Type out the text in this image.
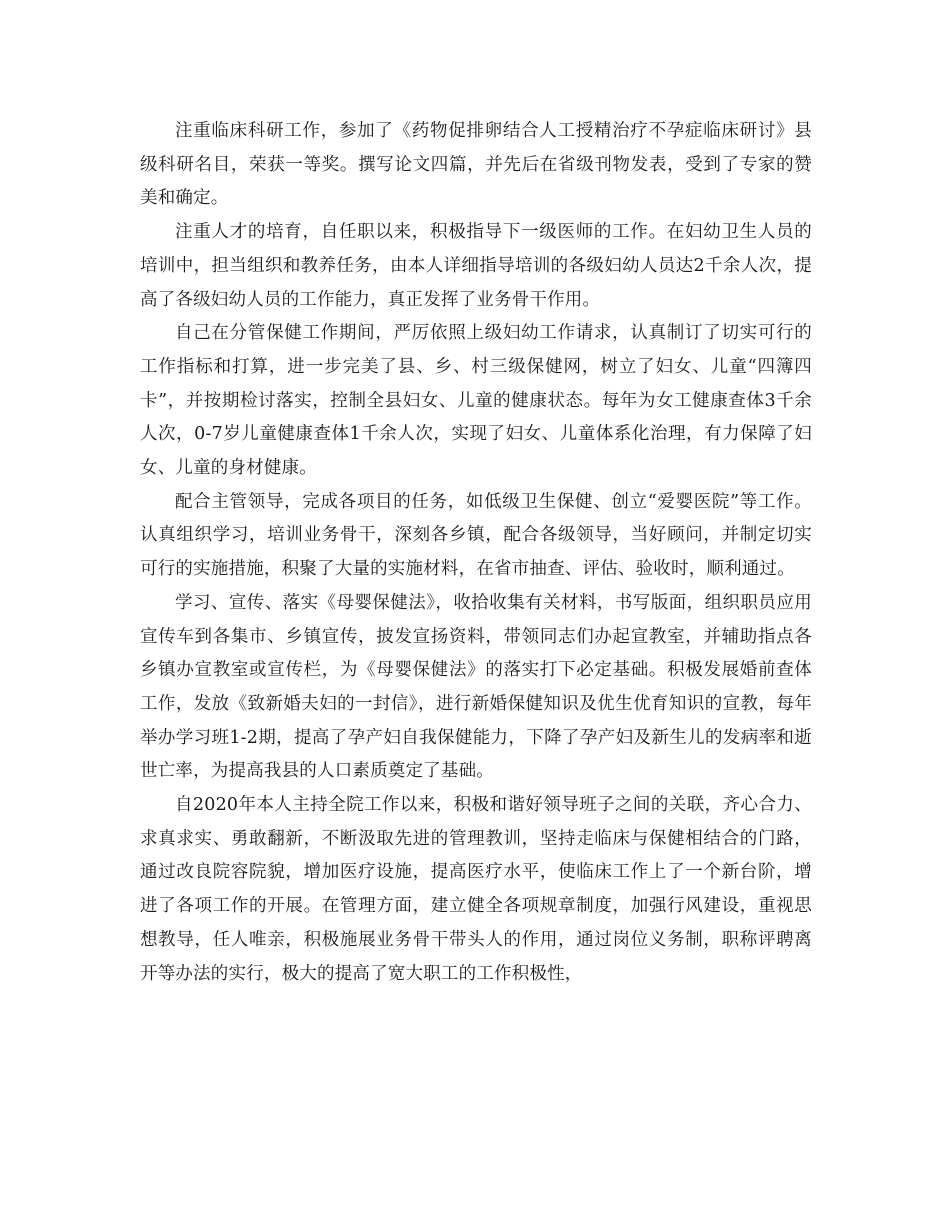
注重临床科研工作，参加了《药物促排卵结合人工授精治疗不孕症临床研讨》县级科研名目，荣获一等奖。撰写论文四篇，并先后在省级刊物发表，受到了专家的赞美和确定。

注重人才的培育，自任职以来，积极指导下一级医师的工作。在妇幼卫生人员的培训中，担当组织和教养任务，由本人详细指导培训的各级妇幼人员达2千余人次，提高了各级妇幼人员的工作能力，真正发挥了业务骨干作用。

自己在分管保健工作期间，严厉依照上级妇幼工作请求，认真制订了切实可行的工作指标和打算，进一步完美了县、乡、村三级保健网，树立了妇女、儿童“四簿四卡”，并按期检讨落实，控制全县妇女、儿童的健康状态。每年为女工健康查体3千余人次，0-7岁儿童健康查体1千余人次，实现了妇女、儿童体系化治理，有力保障了妇女、儿童的身材健康。

配合主管领导，完成各项目的任务，如低级卫生保健、创立“爱婴医院”等工作。认真组织学习，培训业务骨干，深刻各乡镇，配合各级领导，当好顾问，并制定切实可行的实施措施，积聚了大量的实施材料，在省市抽查、评估、验收时，顺利通过。

学习、宣传、落实《母婴保健法》，收拾收集有关材料，书写版面，组织职员应用宣传车到各集市、乡镇宣传，披发宣扬资料，带领同志们办起宣教室，并辅助指点各乡镇办宣教室或宣传栏，为《母婴保健法》的落实打下必定基础。积极发展婚前查体工作，发放《致新婚夫妇的一封信》，进行新婚保健知识及优生优育知识的宣教，每年举办学习班1-2期，提高了孕产妇自我保健能力，下降了孕产妇及新生儿的发病率和逝世亡率，为提高我县的人口素质奠定了基础。

自2020年本人主持全院工作以来，积极和谐好领导班子之间的关联，齐心合力、求真求实、勇敢翻新，不断汲取先进的管理教训，坚持走临床与保健相结合的门路，通过改良院容院貌，增加医疗设施，提高医疗水平，使临床工作上了一个新台阶，增进了各项工作的开展。在管理方面，建立健全各项规章制度，加强行风建设，重视思想教导，任人唯亲，积极施展业务骨干带头人的作用，通过岗位义务制，职称评聘离开等办法的实行，极大的提高了宽大职工的工作积极性，
